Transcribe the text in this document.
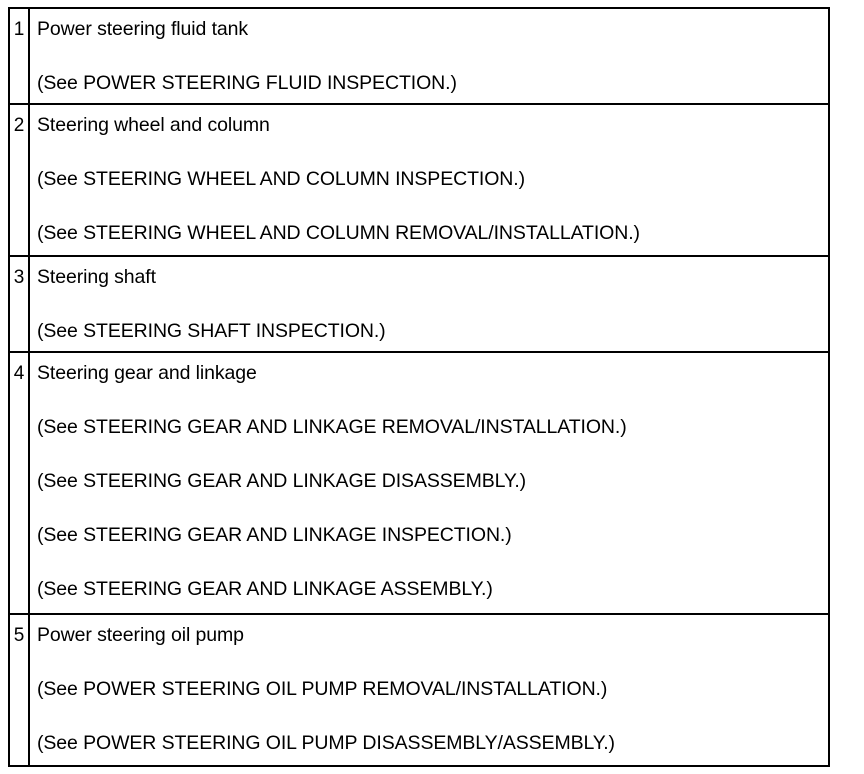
1 Power steering fluid tank
(See POWER STEERING FLUID INSPECTION.)
2 Steering wheel and column
(See STEERING WHEEL AND COLUMN INSPECTION.)
(See STEERING WHEEL AND COLUMN REMOVAL/INSTALLATION.)
3 Steering shaft
(See STEERING SHAFT INSPECTION.)
4 Steering gear and linkage
(See STEERING GEAR AND LINKAGE REMOVAL/INSTALLATION.)
(See STEERING GEAR AND LINKAGE DISASSEMBLY.)
(See STEERING GEAR AND LINKAGE INSPECTION.)
(See STEERING GEAR AND LINKAGE ASSEMBLY.)
5 Power steering oil pump
(See POWER STEERING OIL PUMP REMOVAL/INSTALLATION.)
(See POWER STEERING OIL PUMP DISASSEMBLY/ASSEMBLY.)
